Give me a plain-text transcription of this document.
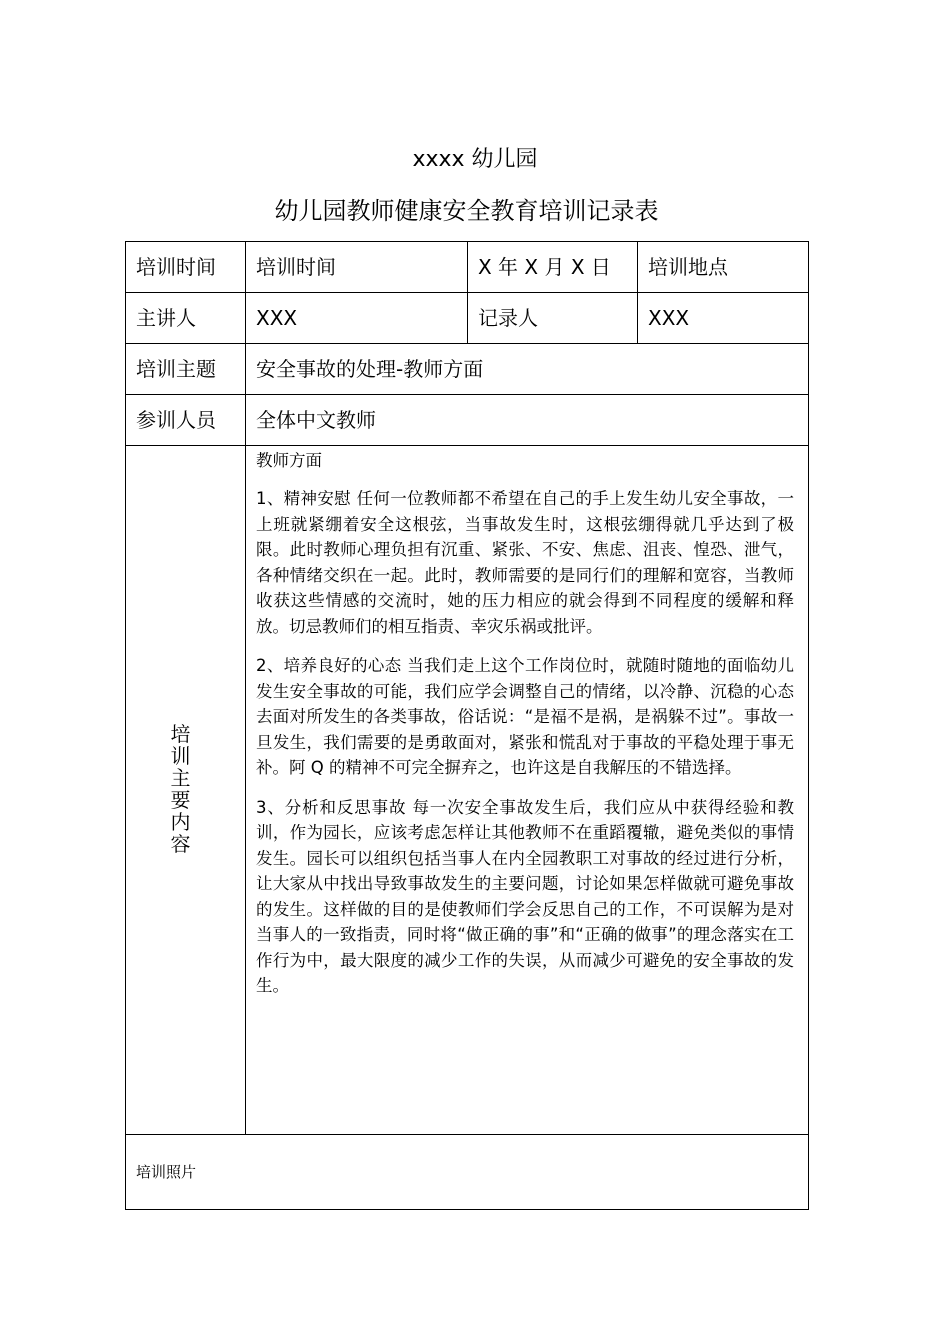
xxxx 幼儿园
幼儿园教师健康安全教育培训记录表
培训时间	培训时间	X 年 X 月 X 日	培训地点
主讲人	XXX	记录人	XXX
培训主题	安全事故的处理-教师方面		
参训人员	全体中文教师		
培训主要内容	教师方面

1、精神安慰 任何一位教师都不希望在自己的手上发生幼儿安全事故，一上班就紧绷着安全这根弦，当事故发生时，这根弦绷得就几乎达到了极限。此时教师心理负担有沉重、紧张、不安、焦虑、沮丧、惶恐、泄气，各种情绪交织在一起。此时，教师需要的是同行们的理解和宽容，当教师收获这些情感的交流时，她的压力相应的就会得到不同程度的缓解和释放。切忌教师们的相互指责、幸灾乐祸或批评。

2、培养良好的心态 当我们走上这个工作岗位时，就随时随地的面临幼儿发生安全事故的可能，我们应学会调整自己的情绪，以冷静、沉稳的心态去面对所发生的各类事故，俗话说：“是福不是祸，是祸躲不过”。事故一旦发生，我们需要的是勇敢面对，紧张和慌乱对于事故的平稳处理于事无补。阿 Q 的精神不可完全摒弃之，也许这是自我解压的不错选择。

3、分析和反思事故 每一次安全事故发生后，我们应从中获得经验和教训，作为园长，应该考虑怎样让其他教师不在重蹈覆辙，避免类似的事情发生。园长可以组织包括当事人在内全园教职工对事故的经过进行分析，让大家从中找出导致事故发生的主要问题，讨论如果怎样做就可避免事故的发生。这样做的目的是使教师们学会反思自己的工作，不可误解为是对当事人的一致指责，同时将“做正确的事”和“正确的做事”的理念落实在工作行为中，最大限度的减少工作的失误，从而减少可避免的安全事故的发生。		

培训照片			
